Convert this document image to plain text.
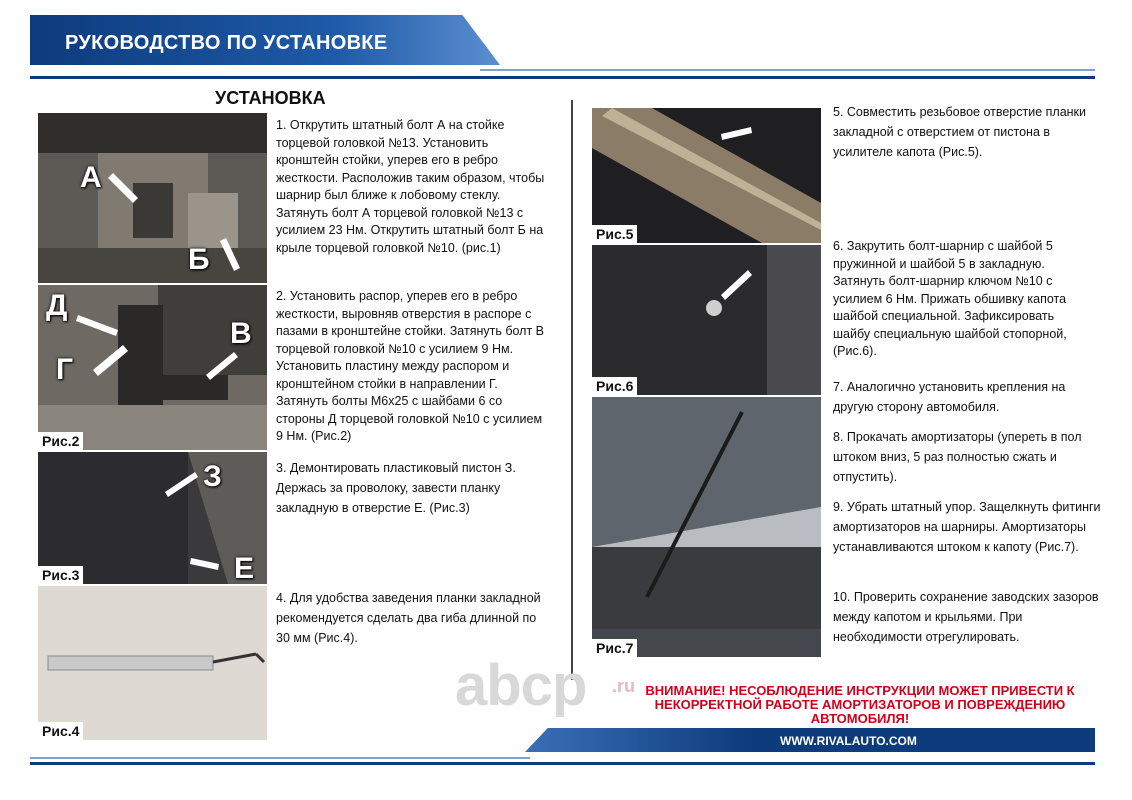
РУКОВОДСТВО ПО УСТАНОВКЕ
УСТАНОВКА
А
Б
Д
Г
В
Рис.2
З
Е
Рис.3
Рис.4
1. Открутить штатный болт А на стойке торцевой головкой №13. Установить кронштейн стойки, уперев его в ребро жесткости. Расположив таким образом, чтобы шарнир был ближе к лобовому стеклу. Затянуть болт А торцевой головкой №13 с усилием 23 Нм. Открутить штатный болт Б на крыле торцевой головкой №10. (рис.1)
2. Установить распор, уперев его в ребро жесткости, выровняв отверстия в распоре с пазами в кронштейне стойки. Затянуть болт В торцевой головкой №10 с усилием 9 Нм. Установить пластину между распором и кронштейном стойки в направлении Г. Затянуть болты М6х25 с шайбами 6 со стороны Д торцевой головкой №10 с усилием 9 Нм. (Рис.2)
3. Демонтировать пластиковый пистон З. Держась за проволоку, завести планку закладную в отверстие Е. (Рис.3)
4. Для удобства заведения планки закладной рекомендуется сделать два гиба длинной по 30 мм (Рис.4).
Рис.5
Рис.6
Рис.7
5. Совместить резьбовое отверстие планки закладной с отверстием от пистона в усилителе капота (Рис.5).
6. Закрутить болт-шарнир с шайбой 5 пружинной и шайбой 5 в закладную. Затянуть болт-шарнир ключом №10 с усилием 6 Нм. Прижать обшивку капота шайбой специальной. Зафиксировать шайбу специальную шайбой стопорной, (Рис.6).
7. Аналогично установить крепления на другую сторону автомобиля.
8. Прокачать амортизаторы (упереть в пол штоком вниз, 5 раз полностью сжать и отпустить).
9. Убрать штатный упор. Защелкнуть фитинги амортизаторов на шарниры. Амортизаторы устанавливаются штоком к капоту (Рис.7).
10. Проверить сохранение заводских зазоров между капотом и крыльями. При необходимости отрегулировать.
abcp .ru ВНИМАНИЕ! НЕСОБЛЮДЕНИЕ ИНСТРУКЦИИ МОЖЕТ ПРИВЕСТИ К НЕКОРРЕКТНОЙ РАБОТЕ АМОРТИЗАТОРОВ И ПОВРЕЖДЕНИЮ АВТОМОБИЛЯ!
WWW.RIVALAUTO.COM
